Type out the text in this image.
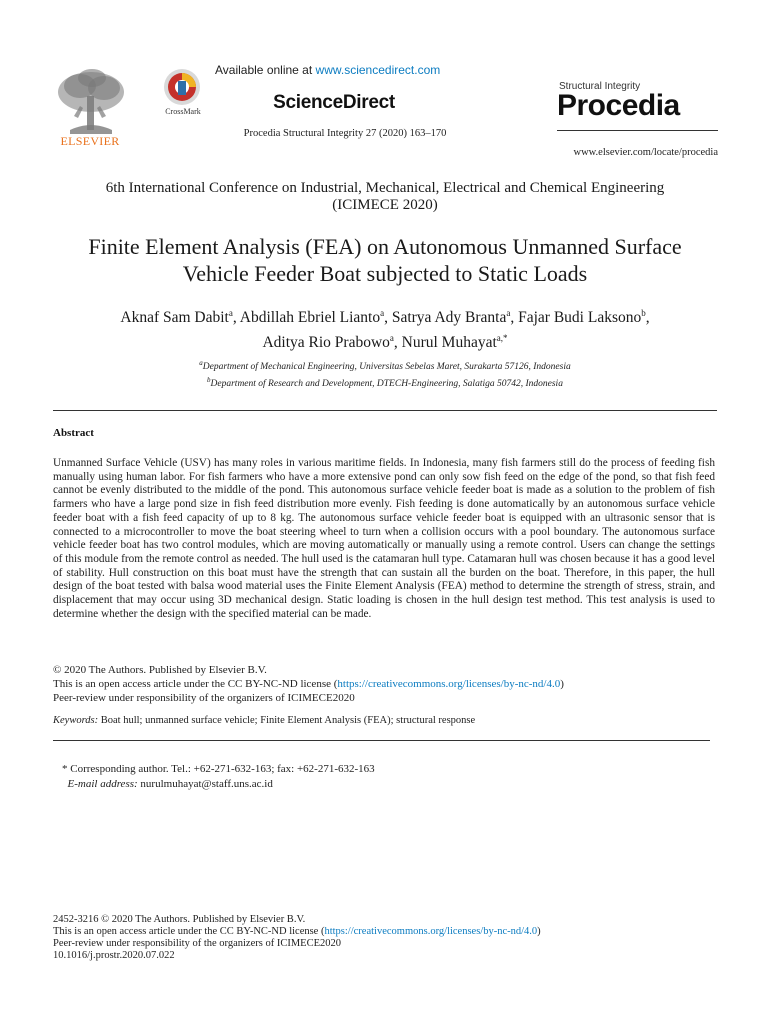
ELSEVIER
CrossMark
Available online at www.sciencedirect.com
ScienceDirect
Procedia Structural Integrity 27 (2020) 163–170
Structural Integrity
Procedia
www.elsevier.com/locate/procedia
6th International Conference on Industrial, Mechanical, Electrical and Chemical Engineering
(ICIMECE 2020)
Finite Element Analysis (FEA) on Autonomous Unmanned Surface
Vehicle Feeder Boat subjected to Static Loads
Aknaf Sam Dabit$^a$, Abdillah Ebriel Lianto$^a$, Satrya Ady Branta$^a$, Fajar Budi Laksono$^b$,
Aditya Rio Prabowo$^a$, Nurul Muhayat$^{a,*}$
$^a$Department of Mechanical Engineering, Universitas Sebelas Maret, Surakarta 57126, Indonesia
$^b$Department of Research and Development, DTECH-Engineering, Salatiga 50742, Indonesia
Abstract
Unmanned Surface Vehicle (USV) has many roles in various maritime fields. In Indonesia, many fish farmers still do the process of feeding fish manually using human labor. For fish farmers who have a more extensive pond can only sow fish feed on the edge of the pond, so that fish feed cannot be evenly distributed to the middle of the pond. This autonomous surface vehicle feeder boat is made as a solution to the problem of fish farmers who have a large pond size in fish feed distribution more evenly. Fish feeding is done automatically by an autonomous surface vehicle feeder boat with a fish feed capacity of up to 8 kg. The autonomous surface vehicle feeder boat is equipped with an ultrasonic sensor that is connected to a microcontroller to move the boat steering wheel to turn when a collision occurs with a pool boundary. The autonomous surface vehicle feeder boat has two control modules, which are moving automatically or manually using a remote control. Users can change the settings of this module from the remote control as needed. The hull used is the catamaran hull type. Catamaran hull was chosen because it has a good level of stability. Hull construction on this boat must have the strength that can sustain all the burden on the boat. Therefore, in this paper, the hull design of the boat tested with balsa wood material uses the Finite Element Analysis (FEA) method to determine the strength of stress, strain, and displacement that may occur using 3D mechanical design. Static loading is chosen in the hull design test method. This test analysis is used to determine whether the design with the specified material can be made.
© 2020 The Authors. Published by Elsevier B.V.
This is an open access article under the CC BY-NC-ND license (https://creativecommons.org/licenses/by-nc-nd/4.0)
Peer-review under responsibility of the organizers of ICIMECE2020
Keywords: Boat hull; unmanned surface vehicle; Finite Element Analysis (FEA); structural response
* Corresponding author. Tel.: +62-271-632-163; fax: +62-271-632-163
E-mail address: nurulmuhayat@staff.uns.ac.id
2452-3216 © 2020 The Authors. Published by Elsevier B.V.
This is an open access article under the CC BY-NC-ND license (https://creativecommons.org/licenses/by-nc-nd/4.0)
Peer-review under responsibility of the organizers of ICIMECE2020
10.1016/j.prostr.2020.07.022
